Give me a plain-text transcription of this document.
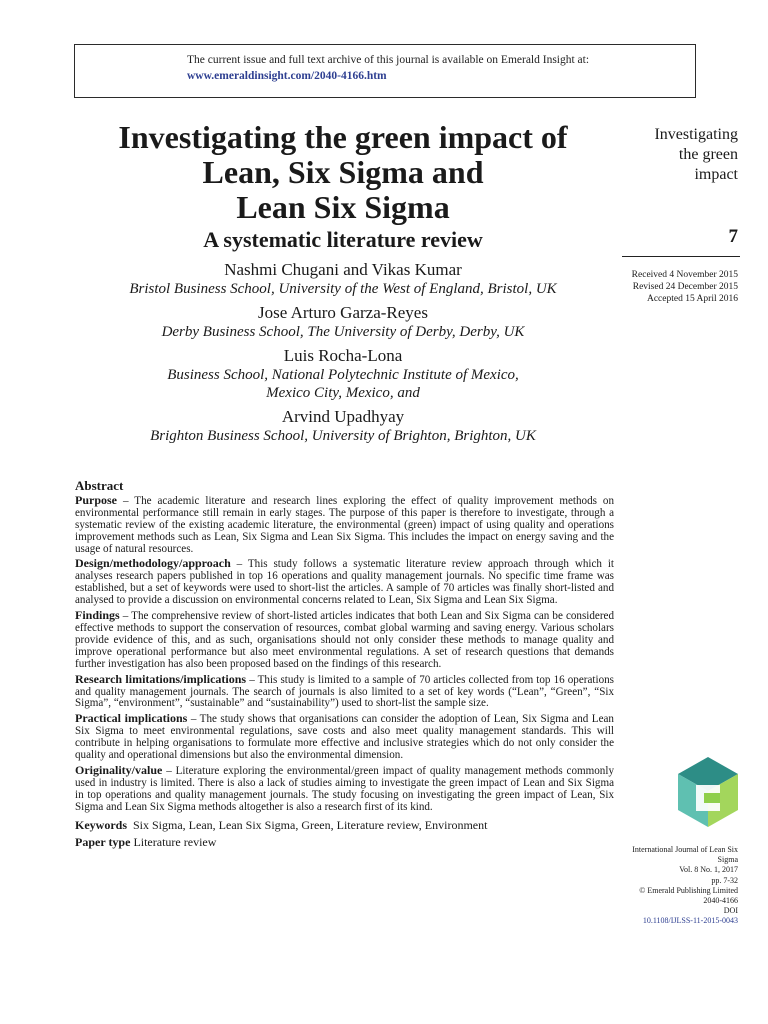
The current issue and full text archive of this journal is available on Emerald Insight at:
www.emeraldinsight.com/2040-4166.htm
Investigating the green impact of
Lean, Six Sigma and
Lean Six Sigma
A systematic literature review
Nashmi Chugani and Vikas Kumar
Bristol Business School, University of the West of England, Bristol, UK
Jose Arturo Garza-Reyes
Derby Business School, The University of Derby, Derby, UK
Luis Rocha-Lona
Business School, National Polytechnic Institute of Mexico,
Mexico City, Mexico, and
Arvind Upadhyay
Brighton Business School, University of Brighton, Brighton, UK
Investigating
the green
impact
7
Received 4 November 2015
Revised 24 December 2015
Accepted 15 April 2016
International Journal of Lean Six
Sigma
Vol. 8 No. 1, 2017
pp. 7-32
© Emerald Publishing Limited
2040-4166
DOI
10.1108/IJLSS-11-2015-0043
Abstract

Purpose – The academic literature and research lines exploring the effect of quality improvement methods on environmental performance still remain in early stages. The purpose of this paper is therefore to investigate, through a systematic review of the existing academic literature, the environmental (green) impact of using quality and operations improvement methods such as Lean, Six Sigma and Lean Six Sigma. This includes the impact on energy saving and the usage of natural resources.

Design/methodology/approach – This study follows a systematic literature review approach through which it analyses research papers published in top 16 operations and quality management journals. No specific time frame was established, but a set of keywords were used to short-list the articles. A sample of 70 articles was finally short-listed and analysed to provide a discussion on environmental concerns related to Lean, Six Sigma and Lean Six Sigma.

Findings – The comprehensive review of short-listed articles indicates that both Lean and Six Sigma can be considered effective methods to support the conservation of resources, combat global warming and saving energy. Various scholars provide evidence of this, and as such, organisations should not only consider these methods to manage quality and improve operational performance but also meet environmental regulations. A set of research questions that demands further investigation has also been proposed based on the findings of this research.

Research limitations/implications – This study is limited to a sample of 70 articles collected from top 16 operations and quality management journals. The search of journals is also limited to a set of key words (“Lean”, “Green”, “Six Sigma”, “environment”, “sustainable” and “sustainability”) used to short-list the sample size.

Practical implications – The study shows that organisations can consider the adoption of Lean, Six Sigma and Lean Six Sigma to meet environmental regulations, save costs and also meet quality management standards. This will contribute in helping organisations to formulate more effective and inclusive strategies which do not only consider the quality and operational dimensions but also the environmental dimension.

Originality/value – Literature exploring the environmental/green impact of quality management methods commonly used in industry is limited. There is also a lack of studies aiming to investigate the green impact of Lean and Six Sigma in top operations and quality management journals. The study focusing on investigating the green impact of Lean, Six Sigma and Lean Six Sigma methods altogether is also a research first of its kind.

Keywords Six Sigma, Lean, Lean Six Sigma, Green, Literature review, Environment
Paper type Literature review
